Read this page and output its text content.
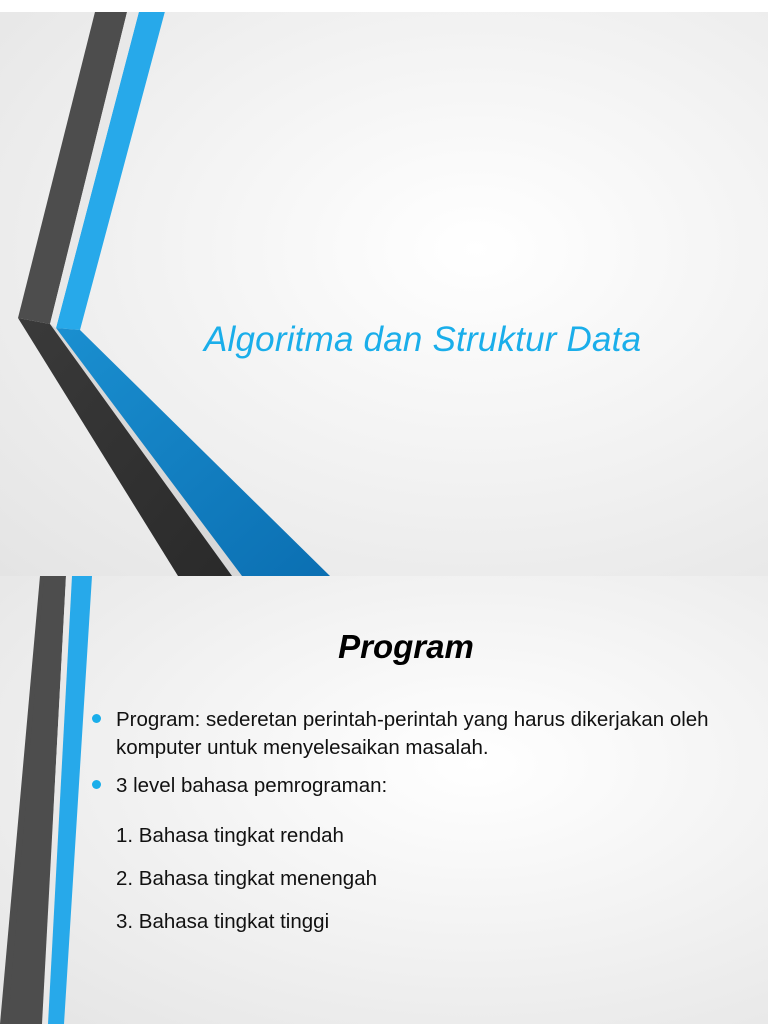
Algoritma dan Struktur Data
Program
Program: sederetan perintah-perintah yang harus dikerjakan oleh komputer untuk menyelesaikan masalah.
3 level bahasa pemrograman:
1. Bahasa tingkat rendah
2. Bahasa tingkat menengah
3. Bahasa tingkat tinggi
